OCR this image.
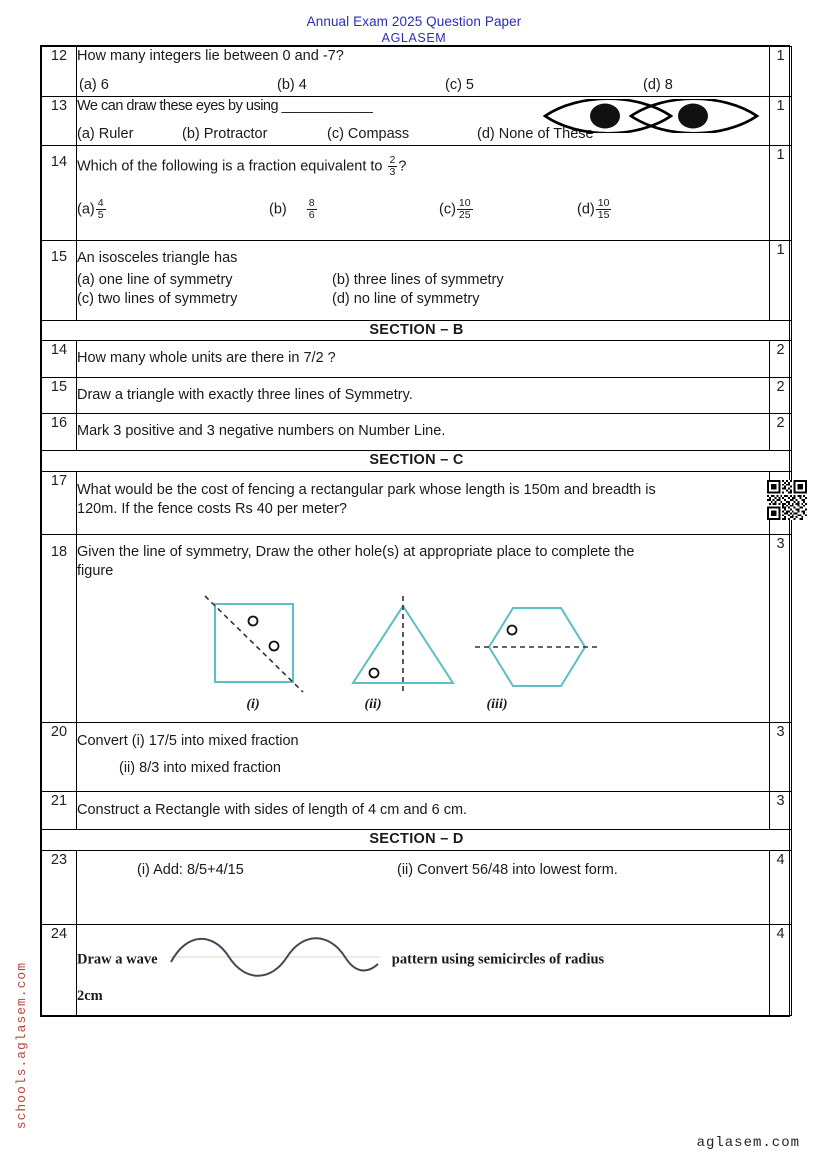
Annual Exam 2025 Question Paper
AGLASEM
12	How many integers lie between 0 and -7?
(a) 6 (b) 4 (c) 5 (d) 8	1
13	We can draw these eyes by using ____________
(a) Ruler (b) Protractor (c) Compass (d) None of These	1
14	Which of the following is a fraction equivalent to $\frac{2}{3}$ ?
$(a) \frac{4}{5}$	$(b) \frac{8}{6}$	$(c) \frac{10}{25}$	$(d) \frac{10}{15}$
	1
15	An isosceles triangle has
(a) one line of symmetry (b) three lines of symmetry
(c) two lines of symmetry (d) no line of symmetry	1
SECTION – B		
14	How many whole units are there in 7/2 ?	2
15	Draw a triangle with exactly three lines of Symmetry.	2
16	Mark 3 positive and 3 negative numbers on Number Line.	2
SECTION – C		
17	What would be the cost of fencing a rectangular park whose length is 150m and breadth is
120m. If the fence costs Rs 40 per meter?

18	Given the line of symmetry, Draw the other hole(s) at appropriate place to complete the
figure
(i) (ii) (iii)	3
20	Convert (i) 17/5 into mixed fraction
(ii) 8/3 into mixed fraction	3
21	Construct a Rectangle with sides of length of 4 cm and 6 cm.	3
SECTION – D		
23	(i) Add: 8/5+4/15 (ii) Convert 56/48 into lowest form.	4
24	Draw a wave pattern using semicircles of radius
2cm	4
schools.aglasem.com
aglasem.com
